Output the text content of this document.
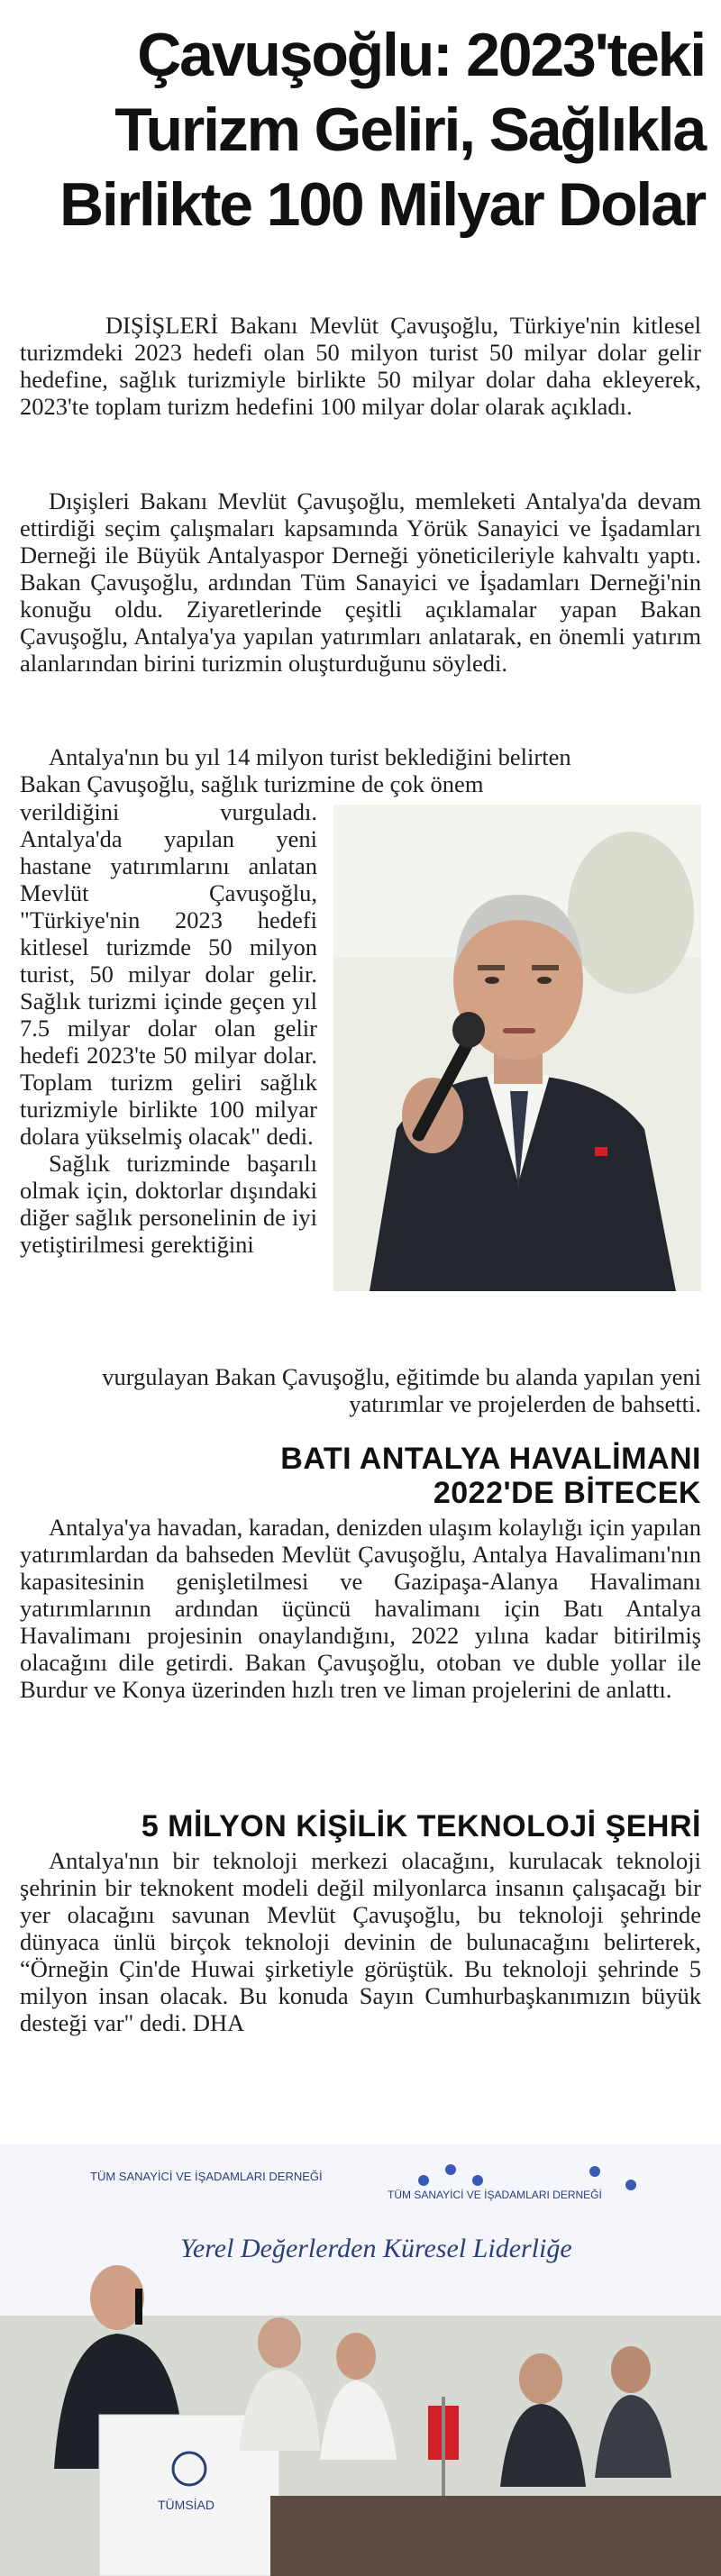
Çavuşoğlu: 2023'teki
Turizm Geliri, Sağlıkla
Birlikte 100 Milyar Dolar

DIŞİŞLERİ Bakanı Mevlüt Çavuşoğlu, Türkiye'nin kitlesel turizmdeki 2023 hedefi olan 50 milyon turist 50 milyar dolar gelir hedefine, sağlık turizmiyle birlikte 50 milyar dolar daha ekleyerek, 2023'te toplam turizm hedefini 100 milyar dolar olarak açıkladı.

Dışişleri Bakanı Mevlüt Çavuşoğlu, memleketi Antalya'da devam ettirdiği seçim çalışmaları kapsamında Yörük Sanayici ve İşadamları Derneği ile Büyük Antalyaspor Derneği yöneticileriyle kahvaltı yaptı. Bakan Çavuşoğlu, ardından Tüm Sanayici ve İşadamları Derneği'nin konuğu oldu. Ziyaretlerinde çeşitli açıklamalar yapan Bakan Çavuşoğlu, Antalya'ya yapılan yatırımları anlatarak, en önemli yatırım alanlarından birini turizmin oluşturduğunu söyledi.

Antalya'nın bu yıl 14 milyon turist beklediğini belirten

Bakan Çavuşoğlu, sağlık turizmine de çok önem

verildiğini vurguladı. Antalya'da yapılan yeni hastane yatırımlarını anlatan Mevlüt Çavuşoğlu, "Türkiye'nin 2023 hedefi kitlesel turizmde 50 milyon turist, 50 milyar dolar gelir. Sağlık turizmi içinde geçen yıl 7.5 milyar dolar olan gelir hedefi 2023'te 50 milyar dolar. Toplam turizm geliri sağlık turizmiyle birlikte 100 milyar dolara yükselmiş olacak" dedi.

Sağlık turizminde başarılı olmak için, doktorlar dışındaki diğer sağlık personelinin de iyi yetiştirilmesi gerektiğini

vurgulayan Bakan Çavuşoğlu, eğitimde bu alanda yapılan yeni yatırımlar ve projelerden de bahsetti.

BATI ANTALYA HAVALİMANI
2022'DE BİTECEK

Antalya'ya havadan, karadan, denizden ulaşım kolaylığı için yapılan yatırımlardan da bahseden Mevlüt Çavuşoğlu, Antalya Havalimanı'nın kapasitesinin genişletilmesi ve Gazipaşa-Alanya Havalimanı yatırımlarının ardından üçüncü havalimanı için Batı Antalya Havalimanı projesinin onaylandığını, 2022 yılına kadar bitirilmiş olacağını dile getirdi. Bakan Çavuşoğlu, otoban ve duble yollar ile Burdur ve Konya üzerinden hızlı tren ve liman projelerini de anlattı.

5 MİLYON KİŞİLİK TEKNOLOJİ ŞEHRİ

Antalya'nın bir teknoloji merkezi olacağını, kurulacak teknoloji şehrinin bir teknokent modeli değil milyonlarca insanın çalışacağı bir yer olacağını savunan Mevlüt Çavuşoğlu, bu teknoloji şehrinde dünyaca ünlü birçok teknoloji devinin de bulunacağını belirterek, “Örneğin Çin'de Huwai şirketiyle görüştük. Bu teknoloji şehrinde 5 milyon insan olacak. Bu konuda Sayın Cumhurbaşkanımızın büyük desteği var" dedi. DHA

TÜM SANAYİCİ VE İŞADAMLARI DERNEĞİ
TÜM SANAYİCİ VE İŞADAMLARI DERNEĞİ
Yerel Değerlerden Küresel Liderliğe
TÜMSİAD
